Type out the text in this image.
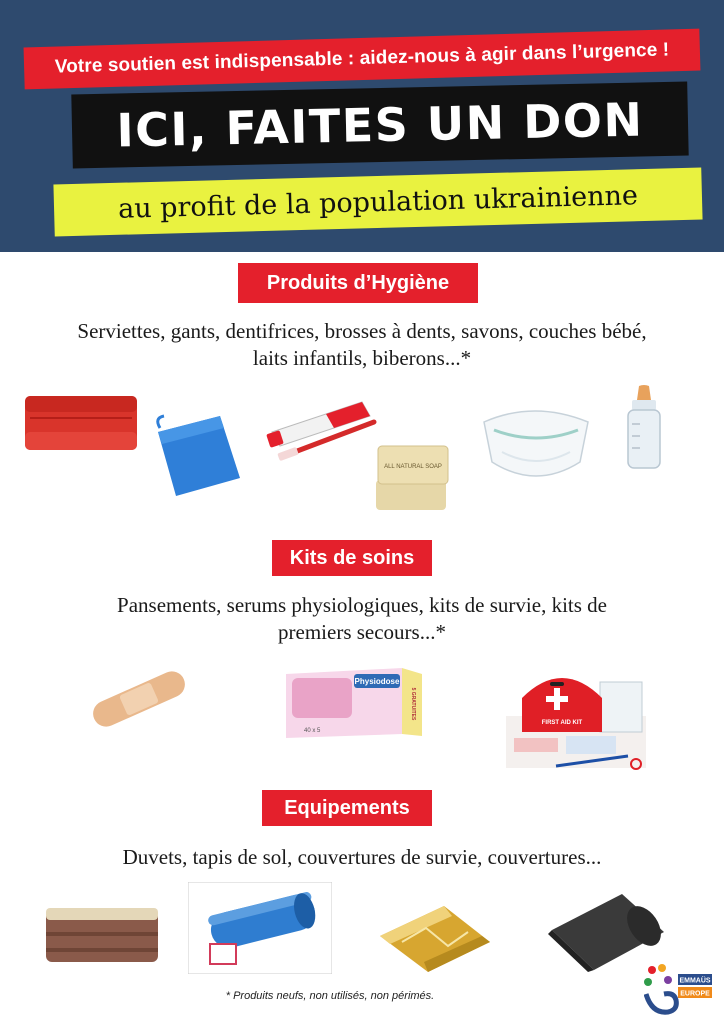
Votre soutien est indispensable : aidez-nous à agir dans l’urgence !
ICI, FAITES UN DON
au profit de la population ukrainienne
Produits d’Hygiène
Serviettes, gants, dentifrices, brosses à dents, savons, couches bébé,
laits infantils, biberons...*
ALL NATURAL SOAP
Kits de soins
Pansements, serums physiologiques, kits de survie, kits de
premiers secours...*
Physiodose
40 x 5
5 GRATUITES
FIRST AID KIT
Equipements
Duvets, tapis de sol, couvertures de survie, couvertures...
* Produits neufs, non utilisés, non périmés.
EMMAÜS
EUROPE
